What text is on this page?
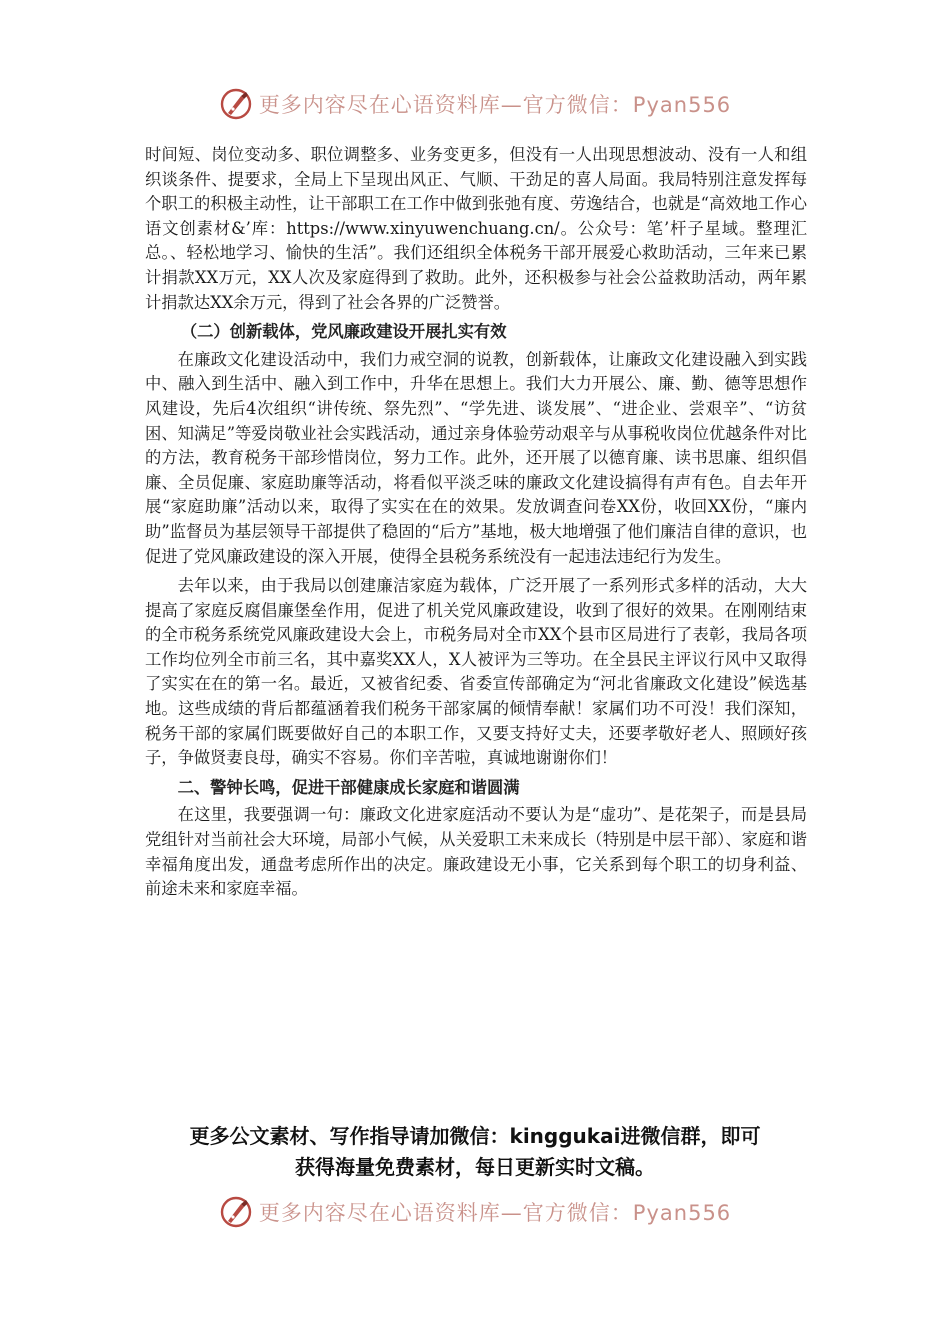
更多内容尽在心语资料库—官方微信：Pyan556

时间短、岗位变动多、职位调整多、业务变更多，但没有一人出现思想波动、没有一人和组织谈条件、提要求，全局上下呈现出风正、气顺、干劲足的喜人局面。我局特别注意发挥每个职工的积极主动性，让干部职工在工作中做到张弛有度、劳逸结合，也就是“高效地工作心语文创素材&’库：https://www.xinyuwenchuang.cn/。公众号：笔’杆子星域。整理汇总。、轻松地学习、愉快的生活”。我们还组织全体税务干部开展爱心救助活动，三年来已累计捐款XX万元，XX人次及家庭得到了救助。此外，还积极参与社会公益救助活动，两年累计捐款达XX余万元，得到了社会各界的广泛赞誉。

（二）创新载体，党风廉政建设开展扎实有效

在廉政文化建设活动中，我们力戒空洞的说教，创新载体，让廉政文化建设融入到实践中、融入到生活中、融入到工作中，升华在思想上。我们大力开展公、廉、勤、德等思想作风建设，先后4次组织“讲传统、祭先烈”、“学先进、谈发展”、“进企业、尝艰辛”、“访贫困、知满足”等爱岗敬业社会实践活动，通过亲身体验劳动艰辛与从事税收岗位优越条件对比的方法，教育税务干部珍惜岗位，努力工作。此外，还开展了以德育廉、读书思廉、组织倡廉、全员促廉、家庭助廉等活动，将看似平淡乏味的廉政文化建设搞得有声有色。自去年开展“家庭助廉”活动以来，取得了实实在在的效果。发放调查问卷XX份，收回XX份，“廉内助”监督员为基层领导干部提供了稳固的“后方”基地，极大地增强了他们廉洁自律的意识，也促进了党风廉政建设的深入开展，使得全县税务系统没有一起违法违纪行为发生。

去年以来，由于我局以创建廉洁家庭为载体，广泛开展了一系列形式多样的活动，大大提高了家庭反腐倡廉堡垒作用，促进了机关党风廉政建设，收到了很好的效果。在刚刚结束的全市税务系统党风廉政建设大会上，市税务局对全市XX个县市区局进行了表彰，我局各项工作均位列全市前三名，其中嘉奖XX人，X人被评为三等功。在全县民主评议行风中又取得了实实在在的第一名。最近，又被省纪委、省委宣传部确定为“河北省廉政文化建设”候选基地。这些成绩的背后都蕴涵着我们税务干部家属的倾情奉献！家属们功不可没！我们深知，税务干部的家属们既要做好自己的本职工作，又要支持好丈夫，还要孝敬好老人、照顾好孩子，争做贤妻良母，确实不容易。你们辛苦啦，真诚地谢谢你们！

二、警钟长鸣，促进干部健康成长家庭和谐圆满

在这里，我要强调一句：廉政文化进家庭活动不要认为是“虚功”、是花架子，而是县局党组针对当前社会大环境，局部小气候，从关爱职工未来成长（特别是中层干部）、家庭和谐幸福角度出发，通盘考虑所作出的决定。廉政建设无小事，它关系到每个职工的切身利益、前途未来和家庭幸福。

更多公文素材、写作指导请加微信：kinggukai进微信群，即可
获得海量免费素材，每日更新实时文稿。
更多内容尽在心语资料库—官方微信：Pyan556
